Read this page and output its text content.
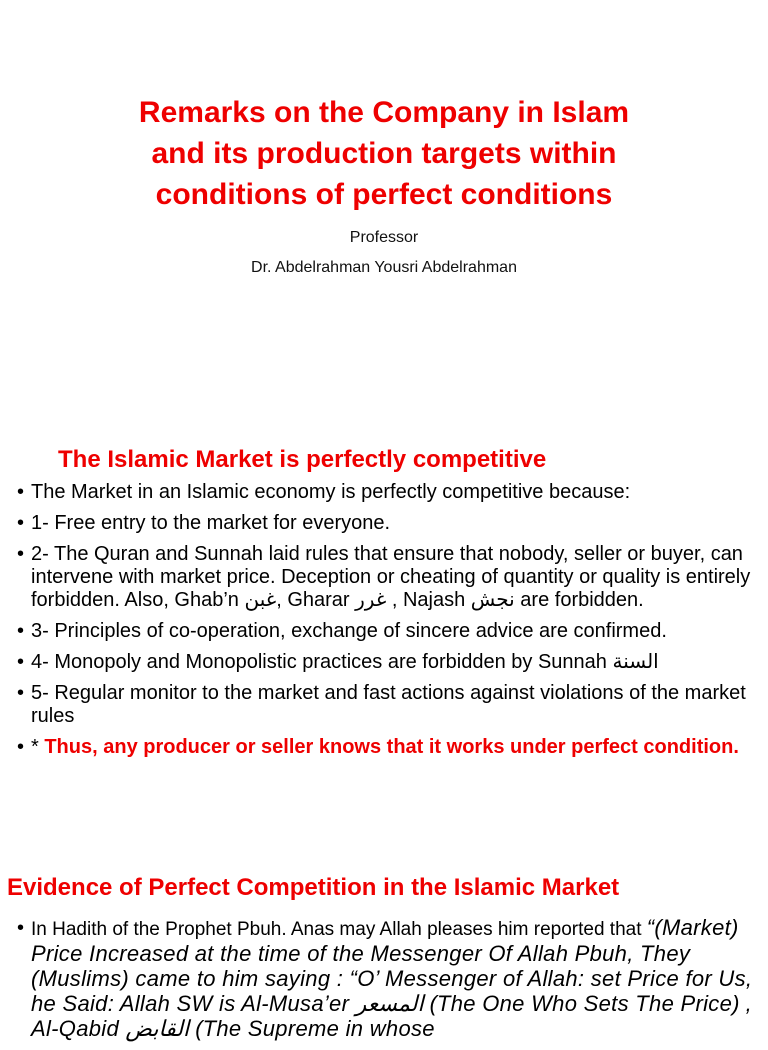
Remarks on the Company in Islam
and its production targets within
conditions of perfect conditions
Professor
Dr. Abdelrahman Yousri Abdelrahman
The Islamic Market is perfectly competitive
• The Market in an Islamic economy is perfectly competitive because:
• 1- Free entry to the market for everyone.
• 2- The Quran and Sunnah laid rules that ensure that nobody, seller or buyer, can intervene with market price. Deception or cheating of quantity or quality is entirely forbidden. Also, Ghab’n غبن, Gharar غرر , Najash نجش are forbidden.
• 3- Principles of co-operation, exchange of sincere advice are confirmed.
• 4- Monopoly and Monopolistic practices are forbidden by Sunnah السنة
• 5- Regular monitor to the market and fast actions against violations of the market rules
• * Thus, any producer or seller knows that it works under perfect condition.
Evidence of Perfect Competition in the Islamic Market
• In Hadith of the Prophet Pbuh. Anas may Allah pleases him reported that “(Market) Price Increased at the time of the Messenger Of Allah Pbuh, They (Muslims) came to him saying : “O’ Messenger of Allah: set Price for Us, he Said: Allah SW is Al-Musa’er المسعر (The One Who Sets The Price) , Al-Qabid القابض (The Supreme in whose
